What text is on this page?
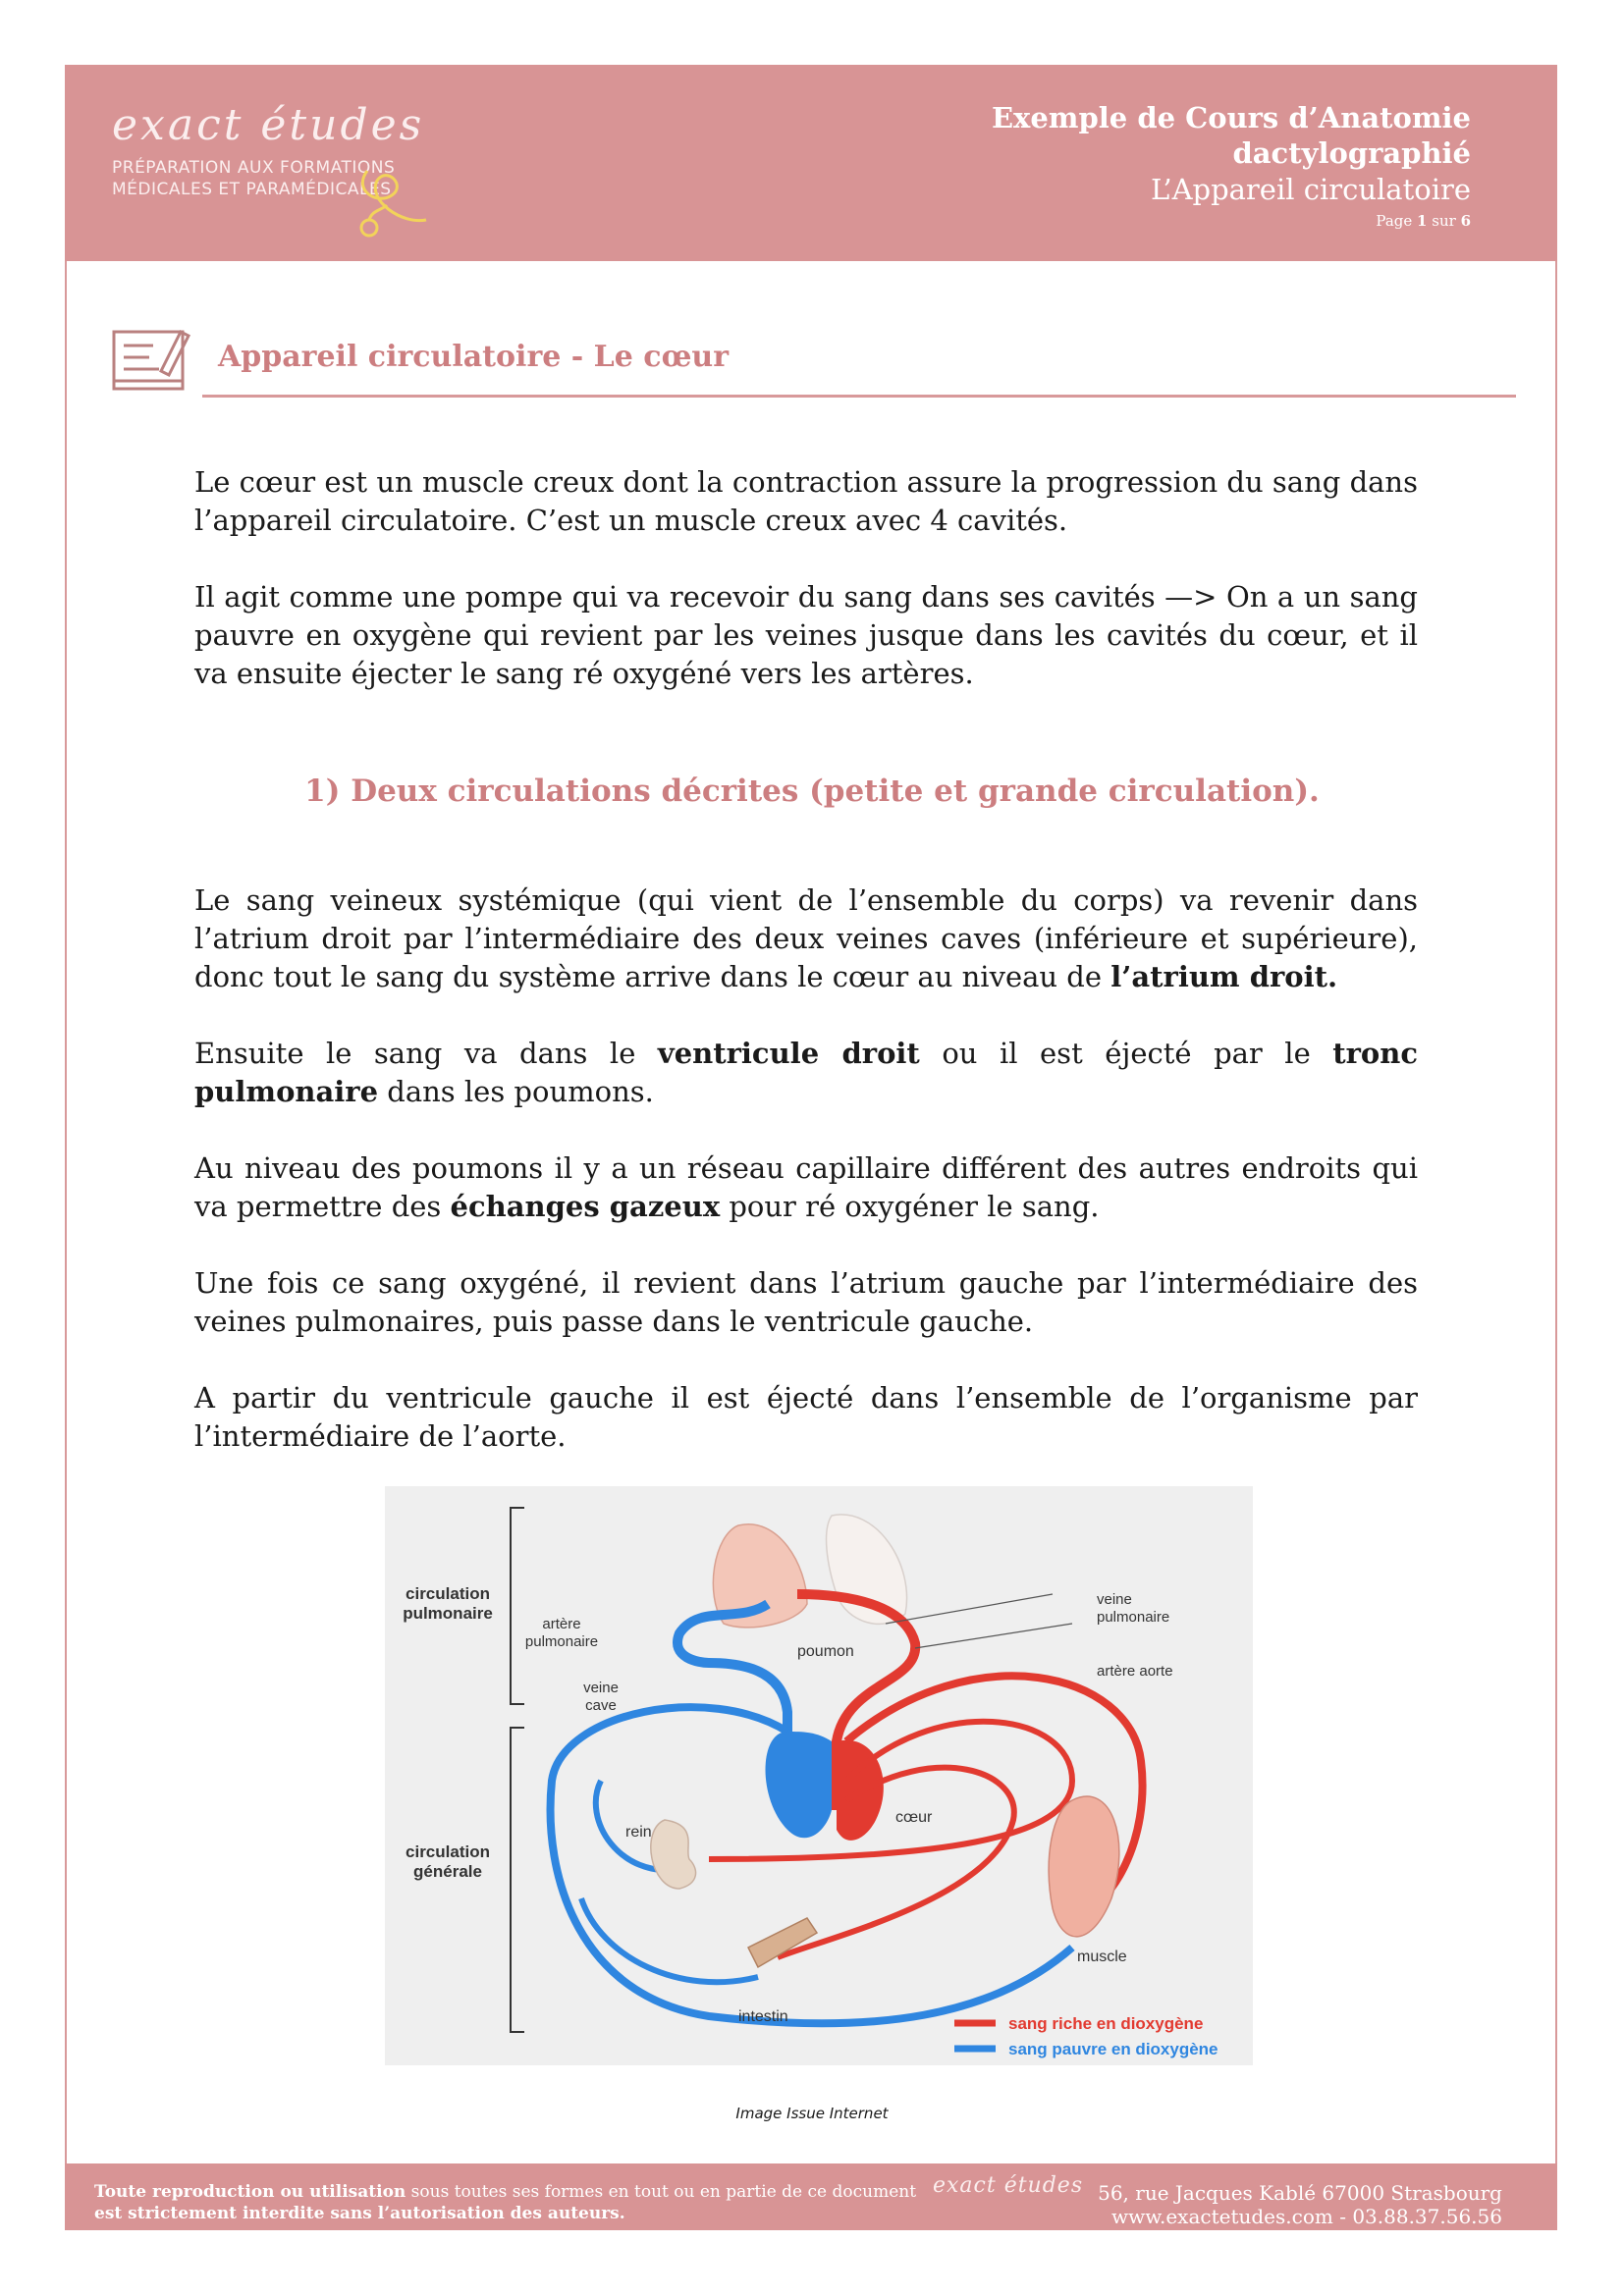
exact études
PRÉPARATION AUX FORMATIONS
MÉDICALES ET PARAMÉDICALES
Exemple de Cours d’Anatomie
dactylographié
L’Appareil circulatoire
Page 1 sur 6
Appareil circulatoire - Le cœur

Le cœur est un muscle creux dont la contraction assure la progression du sang dans l’appareil circulatoire. C’est un muscle creux avec 4 cavités.

Il agit comme une pompe qui va recevoir du sang dans ses cavités —> On a un sang pauvre en oxygène qui revient par les veines jusque dans les cavités du cœur, et il va ensuite éjecter le sang ré oxygéné vers les artères.

1) Deux circulations décrites (petite et grande circulation).

Le sang veineux systémique (qui vient de l’ensemble du corps) va revenir dans l’atrium droit par l’intermédiaire des deux veines caves (inférieure et supérieure), donc tout le sang du système arrive dans le cœur au niveau de l’atrium droit.

Ensuite le sang va dans le ventricule droit ou il est éjecté par le tronc pulmonaire dans les poumons.

Au niveau des poumons il y a un réseau capillaire différent des autres endroits qui va permettre des échanges gazeux pour ré oxygéner le sang.

Une fois ce sang oxygéné, il revient dans l’atrium gauche par l’intermédiaire des veines pulmonaires, puis passe dans le ventricule gauche.

A partir du ventricule gauche il est éjecté dans l’ensemble de l’organisme par l’intermédiaire de l’aorte.

circulation
pulmonaire
artère
pulmonaire
veine
cave
poumon
veine
pulmonaire
artère aorte
cœur
rein
circulation
générale
muscle
intestin	sang riche en dioxygène
sang pauvre en dioxygène
Image Issue Internet
Toute reproduction ou utilisation sous toutes ses formes en tout ou en partie de ce document
est strictement interdite sans l’autorisation des auteurs.
exact études 56, rue Jacques Kablé 67000 Strasbourg
www.exactetudes.com - 03.88.37.56.56
